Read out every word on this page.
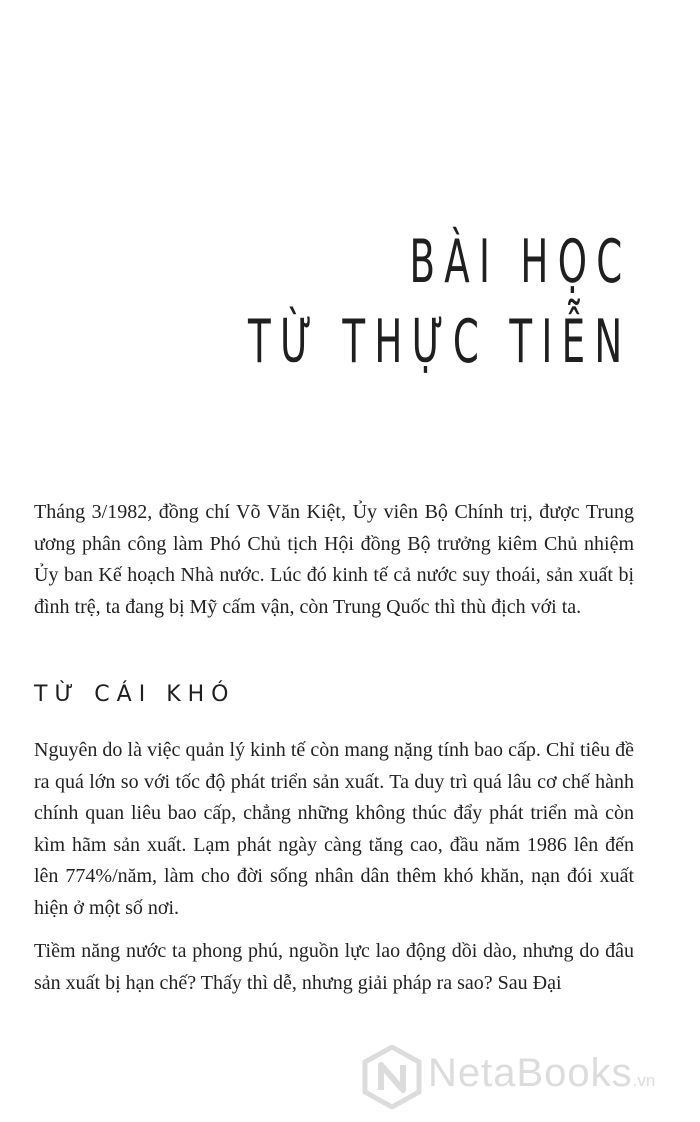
BÀI HỌC
TỪ THỰC TIỄN

Tháng 3/1982, đồng chí Võ Văn Kiệt, Ủy viên Bộ Chính trị, được Trung ương phân công làm Phó Chủ tịch Hội đồng Bộ trưởng kiêm Chủ nhiệm Ủy ban Kế hoạch Nhà nước. Lúc đó kinh tế cả nước suy thoái, sản xuất bị đình trệ, ta đang bị Mỹ cấm vận, còn Trung Quốc thì thù địch với ta.

TỪ CÁI KHÓ

Nguyên do là việc quản lý kinh tế còn mang nặng tính bao cấp. Chỉ tiêu đề ra quá lớn so với tốc độ phát triển sản xuất. Ta duy trì quá lâu cơ chế hành chính quan liêu bao cấp, chẳng những không thúc đẩy phát triển mà còn kìm hãm sản xuất. Lạm phát ngày càng tăng cao, đầu năm 1986 lên đến lên 774%/năm, làm cho đời sống nhân dân thêm khó khăn, nạn đói xuất hiện ở một số nơi.

Tiềm năng nước ta phong phú, nguồn lực lao động dồi dào, nhưng do đâu sản xuất bị hạn chế? Thấy thì dễ, nhưng giải pháp ra sao? Sau Đại

NetaBooks.vn
